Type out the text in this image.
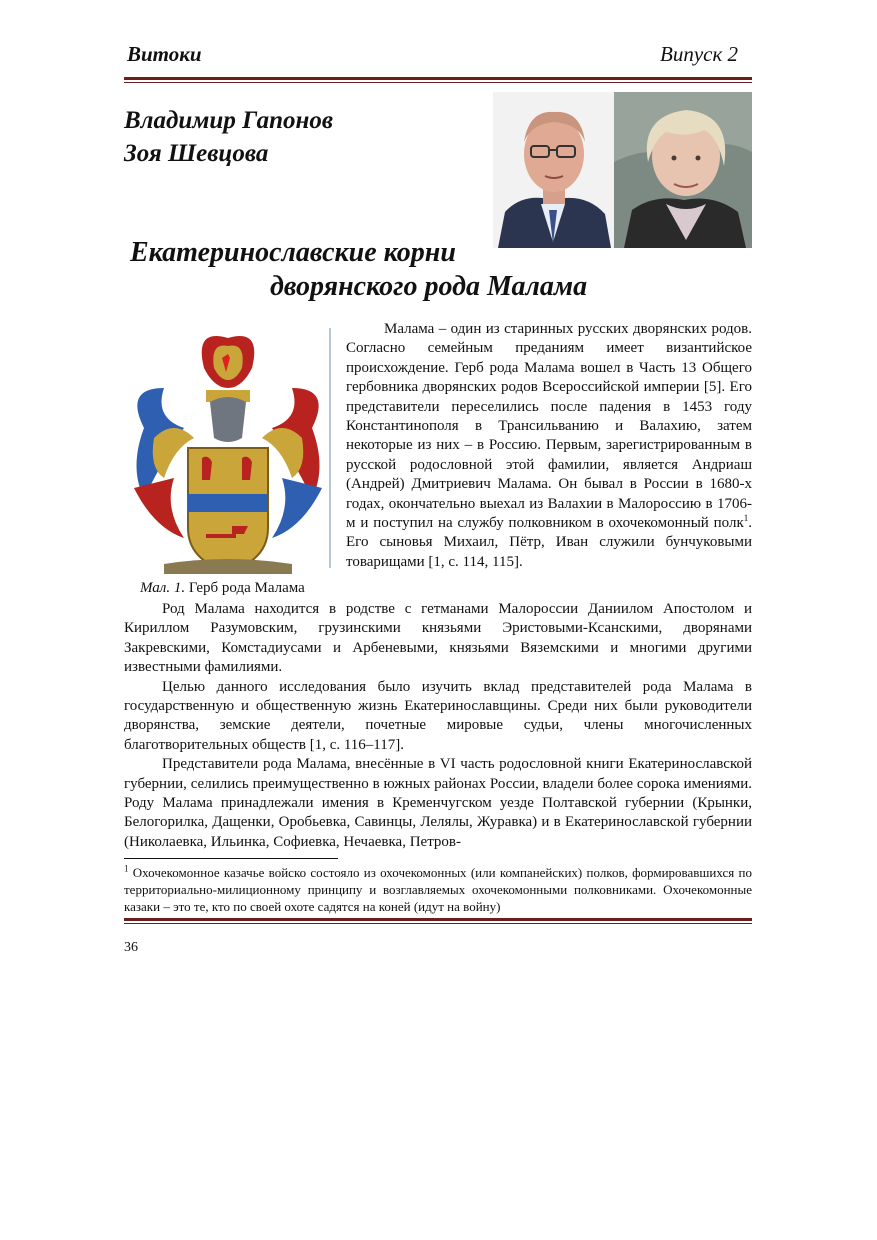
Витоки	Випуск 2
Владимир Гапонов
Зоя Шевцова
Екатеринославские корни
дворянского рода Малама
Мал. 1. Герб рода Малама

Малама – один из старинных русских дворянских родов. Согласно семейным преданиям имеет византийское происхождение. Герб рода Малама вошел в Часть 13 Общего гербовника дворянских родов Всероссийской империи [5]. Его представители переселились после падения в 1453 году Константинополя в Трансильванию и Валахию, затем некоторые из них – в Россию. Первым, зарегистрированным в русской родословной этой фамилии, является Андриаш (Андрей) Дмитриевич Малама. Он бывал в России в 1680-х годах, окончательно выехал из Валахии в Малороссию в 1706-м и поступил на службу полковником в охочекомонный полк$^1$. Его сыновья Михаил, Пётр, Иван служили бунчуковыми товарищами [1, с. 114, 115].

Род Малама находится в родстве с гетманами Малороссии Даниилом Апостолом и Кириллом Разумовским, грузинскими князьями Эристовыми-Ксанскими, дворянами Закревскими, Комстадиусами и Арбеневыми, князьями Вяземскими и многими другими известными фамилиями.

Целью данного исследования было изучить вклад представителей рода Малама в государственную и общественную жизнь Екатеринославщины. Среди них были руководители дворянства, земские деятели, почетные мировые судьи, члены многочисленных благотворительных обществ [1, с. 116–117].

Представители рода Малама, внесённые в VI часть родословной книги Екатеринославской губернии, селились преимущественно в южных районах России, владели более сорока имениями. Роду Малама принадлежали имения в Кременчугском уезде Полтавской губернии (Крынки, Белогорилка, Дащенки, Оробьевка, Савинцы, Лелялы, Журавка) и в Екатеринославской губернии (Николаевка, Ильинка, Софиевка, Нечаевка, Петров-

$^1$ Охочекомонное казачье войско состояло из охочекомонных (или компанейских) полков, формировавшихся по территориально-милиционному принципу и возглавляемых охочекомонными полковниками. Охочекомонные казаки – это те, кто по своей охоте садятся на коней (идут на войну)
36
